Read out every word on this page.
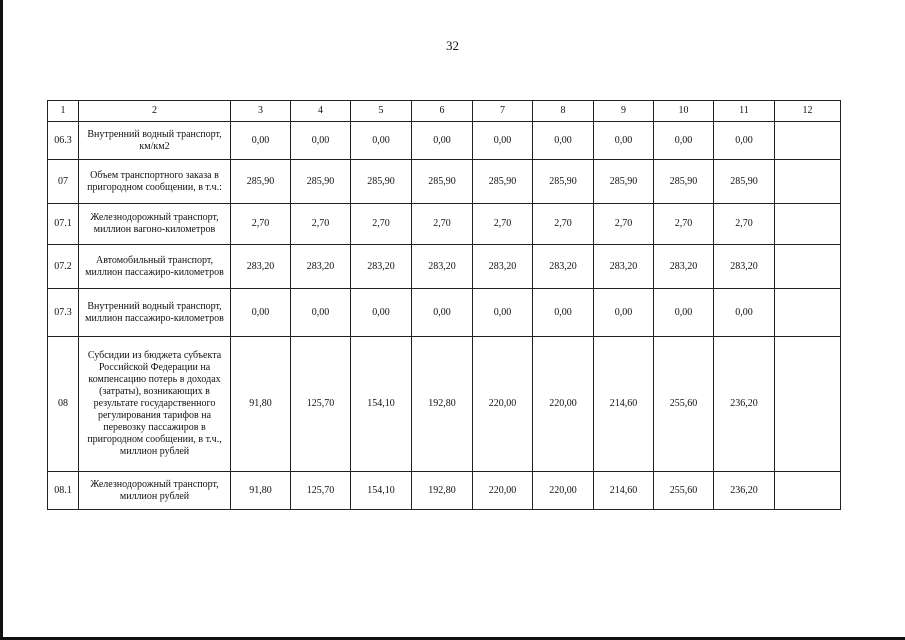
32
1	2	3	4	5	6	7	8	9	10	11	12
06.3	Внутренний водный транспорт, км/км2	0,00	0,00	0,00	0,00	0,00	0,00	0,00	0,00	0,00	
07	Объем транспортного заказа в пригородном сообщении, в т.ч.:	285,90	285,90	285,90	285,90	285,90	285,90	285,90	285,90	285,90	
07.1	Железнодорожный транспорт, миллион вагоно-километров	2,70	2,70	2,70	2,70	2,70	2,70	2,70	2,70	2,70	
07.2	Автомобильный транспорт, миллион пассажиро-километров	283,20	283,20	283,20	283,20	283,20	283,20	283,20	283,20	283,20	
07.3	Внутренний водный транспорт, миллион пассажиро-километров	0,00	0,00	0,00	0,00	0,00	0,00	0,00	0,00	0,00	
08	Субсидии из бюджета субъекта Российской Федерации на компенсацию потерь в доходах (затраты), возникающих в результате государственного регулирования тарифов на перевозку пассажиров в пригородном сообщении, в т.ч., миллион рублей	91,80	125,70	154,10	192,80	220,00	220,00	214,60	255,60	236,20	
08.1	Железнодорожный транспорт, миллион рублей	91,80	125,70	154,10	192,80	220,00	220,00	214,60	255,60	236,20	
